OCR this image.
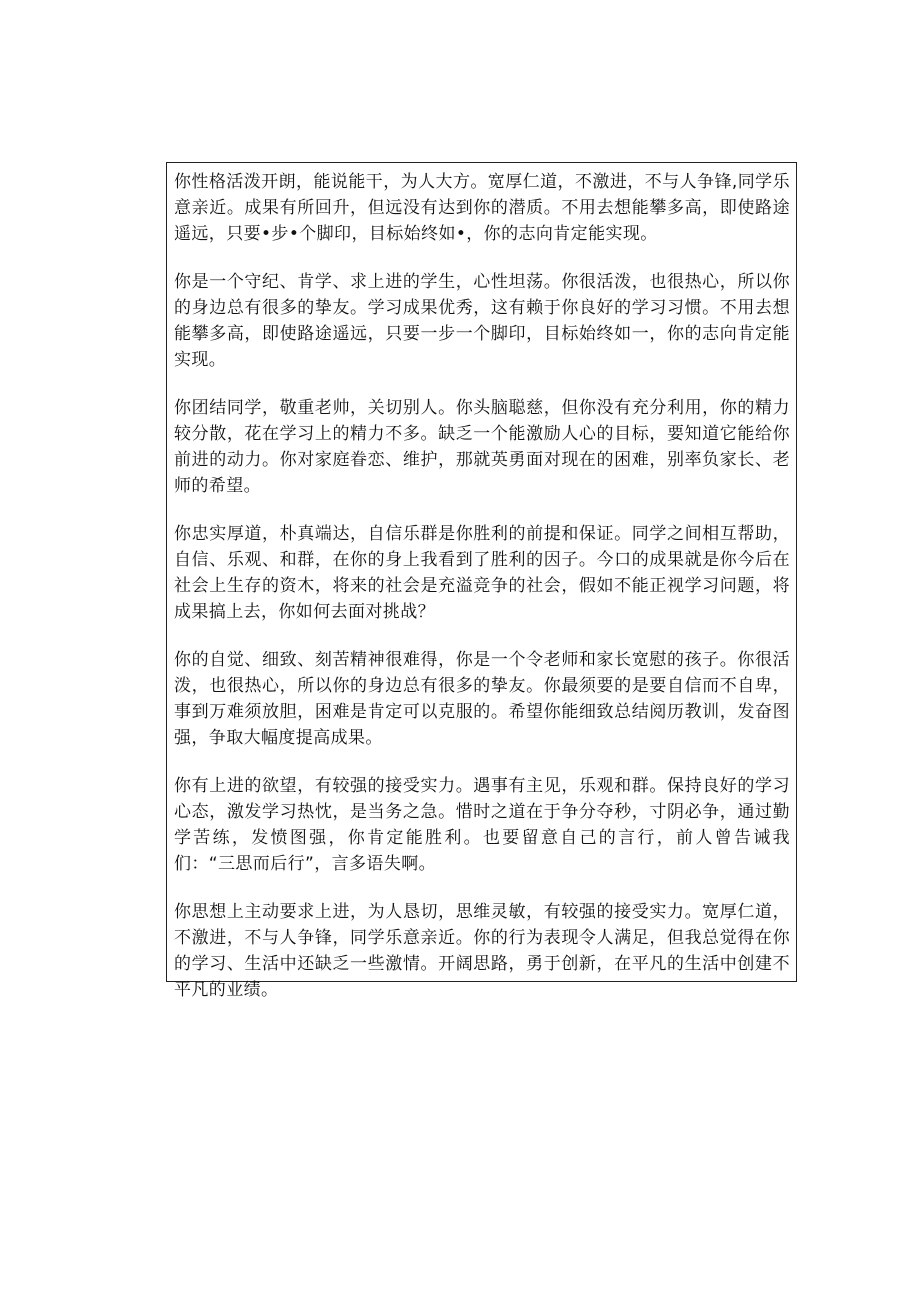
你性格活泼开朗，能说能干，为人大方。宽厚仁道，不激进，不与人争锋,同学乐意亲近。成果有所回升，但远没有达到你的潜质。不用去想能攀多高，即使路途遥远，只要•步•个脚印，目标始终如•，你的志向肯定能实现。

你是一个守纪、肯学、求上进的学生，心性坦荡。你很活泼，也很热心，所以你的身边总有很多的挚友。学习成果优秀，这有赖于你良好的学习习惯。不用去想能攀多高，即使路途遥远，只要一步一个脚印，目标始终如一，你的志向肯定能实现。

你团结同学，敬重老帅，关切别人。你头脑聪慈，但你没有充分利用，你的精力较分散，花在学习上的精力不多。缺乏一个能激励人心的目标，要知道它能给你前进的动力。你对家庭眷恋、维护，那就英勇面对现在的困难，别率负家长、老师的希望。

你忠实厚道，朴真端达，自信乐群是你胜利的前提和保证。同学之间相互帮助，自信、乐观、和群，在你的身上我看到了胜利的因子。今口的成果就是你今后在社会上生存的资木，将来的社会是充溢竞争的社会，假如不能正视学习问题，将成果搞上去，你如何去面对挑战？

你的自觉、细致、刻苦精神很难得，你是一个令老师和家长宽慰的孩子。你很活泼，也很热心，所以你的身边总有很多的挚友。你最须要的是要自信而不自卑，事到万难须放胆，困难是肯定可以克服的。希望你能细致总结阅历教训，发奋图强，争取大幅度提高成果。

你有上进的欲望，有较强的接受实力。遇事有主见，乐观和群。保持良好的学习心态，激发学习热忱，是当务之急。惜时之道在于争分夺秒，寸阴必争，通过勤学苦练，发愤图强，你肯定能胜利。也要留意自己的言行，前人曾告诫我们：“三思而后行”，言多语失啊。

你思想上主动要求上进，为人恳切，思维灵敏，有较强的接受实力。宽厚仁道，不激进，不与人争锋，同学乐意亲近。你的行为表现令人满足，但我总觉得在你的学习、生活中还缺乏一些激情。开阔思路，勇于创新，在平凡的生活中创建不平凡的业绩。
